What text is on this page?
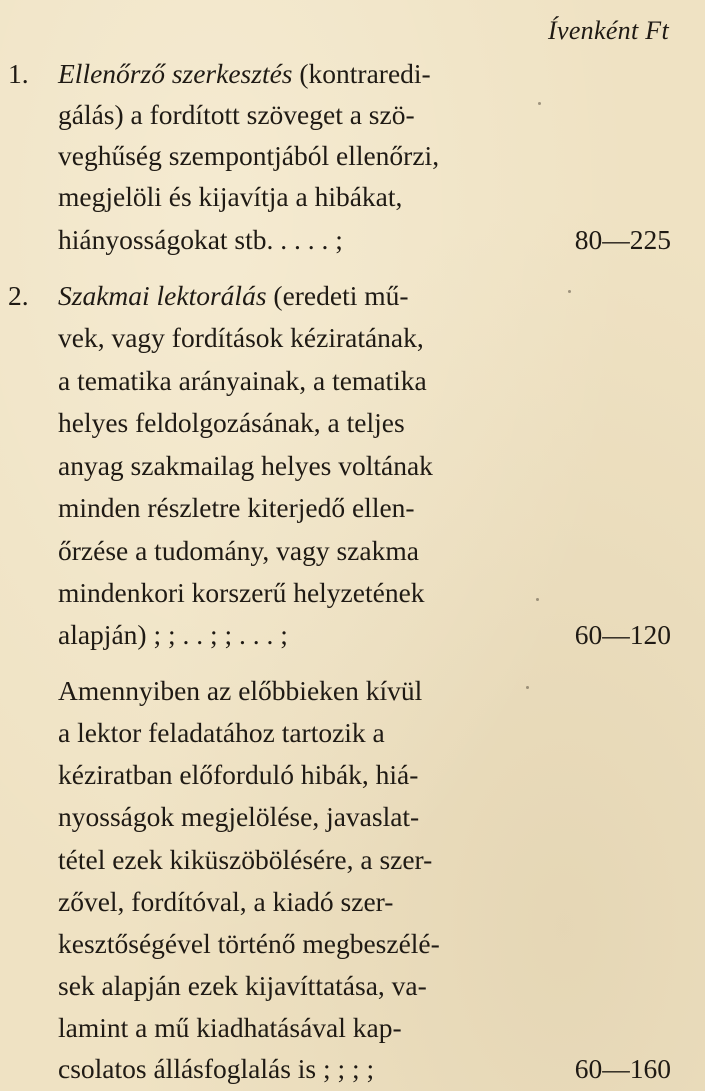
Ívenként Ft
1. Ellenőrző szerkesztés (kontraredi-
gálás) a fordított szöveget a szö-
veghűség szempontjából ellenőrzi,
megjelöli és kijavítja a hibákat,
hiányosságokat stb. . . . . ;	80—225
2. Szakmai lektorálás (eredeti mű-
vek, vagy fordítások kéziratának,
a tematika arányainak, a tematika
helyes feldolgozásának, a teljes
anyag szakmailag helyes voltának
minden részletre kiterjedő ellen-
őrzése a tudomány, vagy szakma
mindenkori korszerű helyzetének
alapján) ; ; . . ; ; . . . ;	60—120
Amennyiben az előbbieken kívül
a lektor feladatához tartozik a
kéziratban előforduló hibák, hiá-
nyosságok megjelölése, javaslat-
tétel ezek kiküszöbölésére, a szer-
zővel, fordítóval, a kiadó szer-
kesztőségével történő megbeszélé-
sek alapján ezek kijavíttatása, va-
lamint a mű kiadhatásával kap-
csolatos állásfoglalás is ; ; ; ;	60—160
